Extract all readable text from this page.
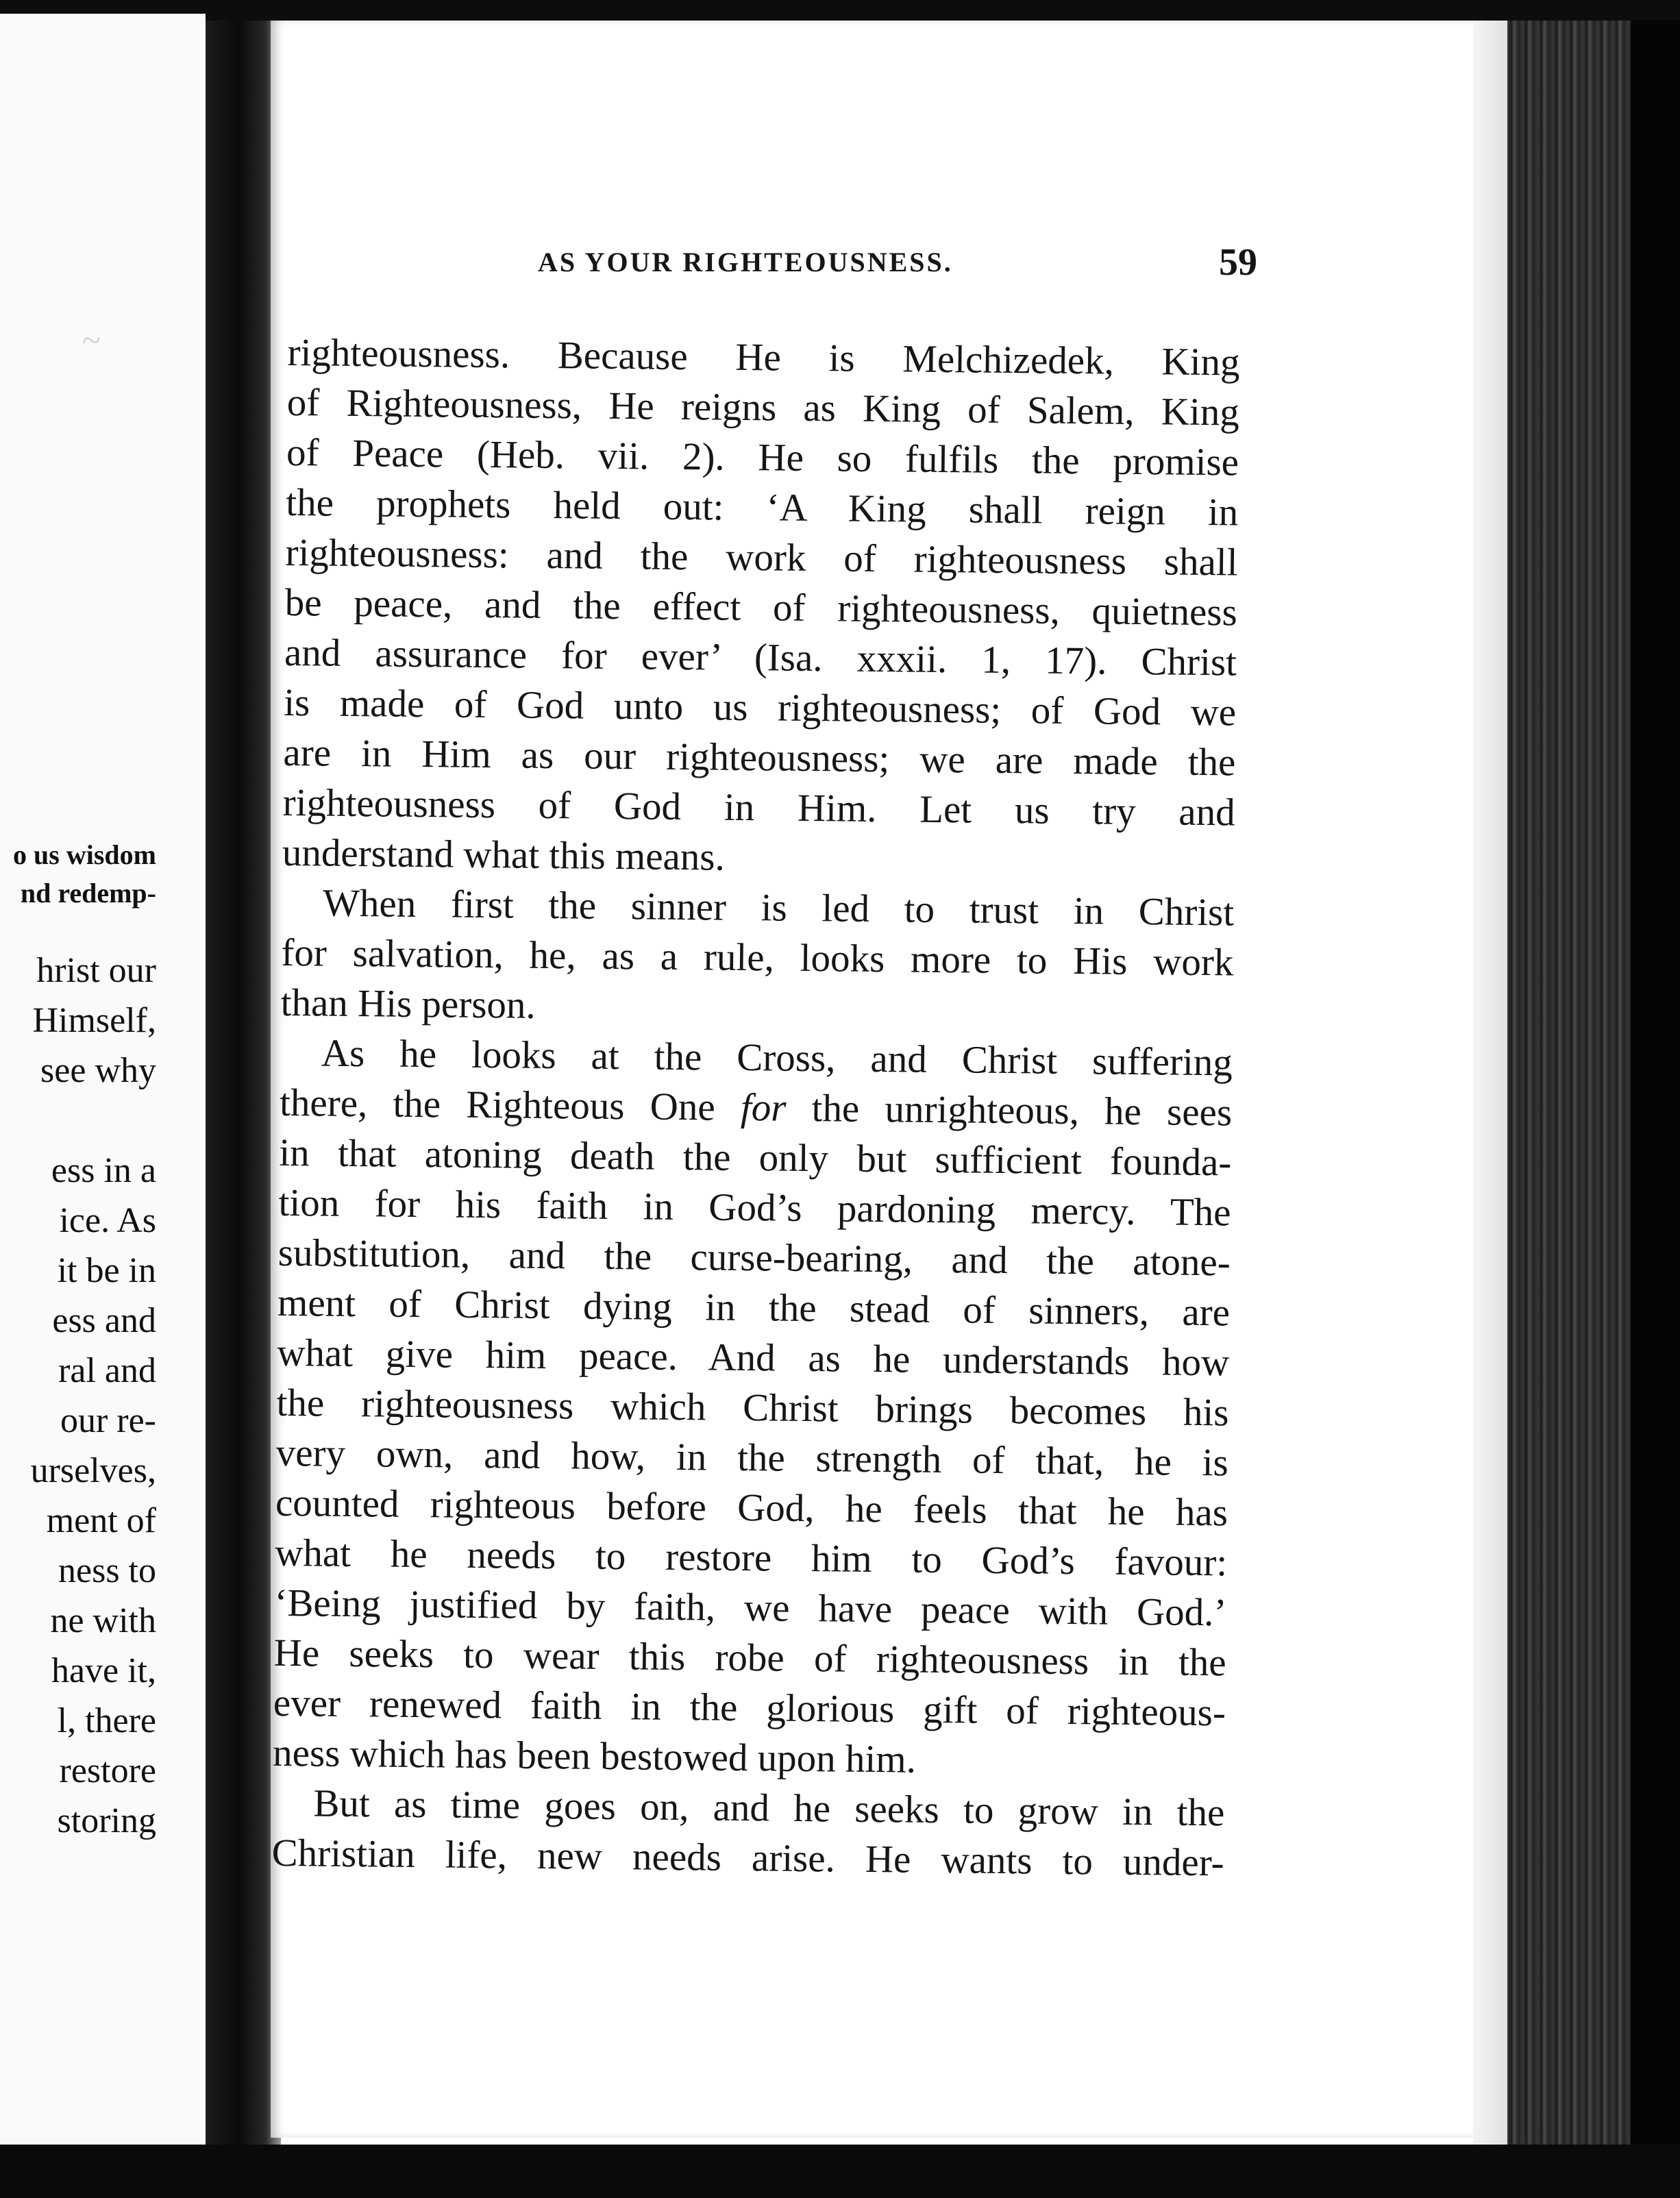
~
o us wisdom
nd redemp-
hrist our
Himself,
see why
ess in a
ice. As
it be in
ess and
ral and
our re-
urselves,
ment of
ness to
ne with
have it,
l, there
restore
storing
AS YOUR RIGHTEOUSNESS.	59
righteousness. Because He is Melchizedek, King
of Righteousness, He reigns as King of Salem, King
of Peace (Heb. vii. 2). He so fulfils the promise
the prophets held out: ‘A King shall reign in
righteousness: and the work of righteousness shall
be peace, and the effect of righteousness, quietness
and assurance for ever’ (Isa. xxxii. 1, 17). Christ
is made of God unto us righteousness; of God we
are in Him as our righteousness; we are made the
righteousness of God in Him. Let us try and
understand what this means.
When first the sinner is led to trust in Christ
for salvation, he, as a rule, looks more to His work
than His person.
As he looks at the Cross, and Christ suffering
there, the Righteous One for the unrighteous, he sees
in that atoning death the only but sufficient founda-
tion for his faith in God’s pardoning mercy. The
substitution, and the curse-bearing, and the atone-
ment of Christ dying in the stead of sinners, are
what give him peace. And as he understands how
the righteousness which Christ brings becomes his
very own, and how, in the strength of that, he is
counted righteous before God, he feels that he has
what he needs to restore him to God’s favour:
‘Being justified by faith, we have peace with God.’
He seeks to wear this robe of righteousness in the
ever renewed faith in the glorious gift of righteous-
ness which has been bestowed upon him.
But as time goes on, and he seeks to grow in the
Christian life, new needs arise. He wants to under-
